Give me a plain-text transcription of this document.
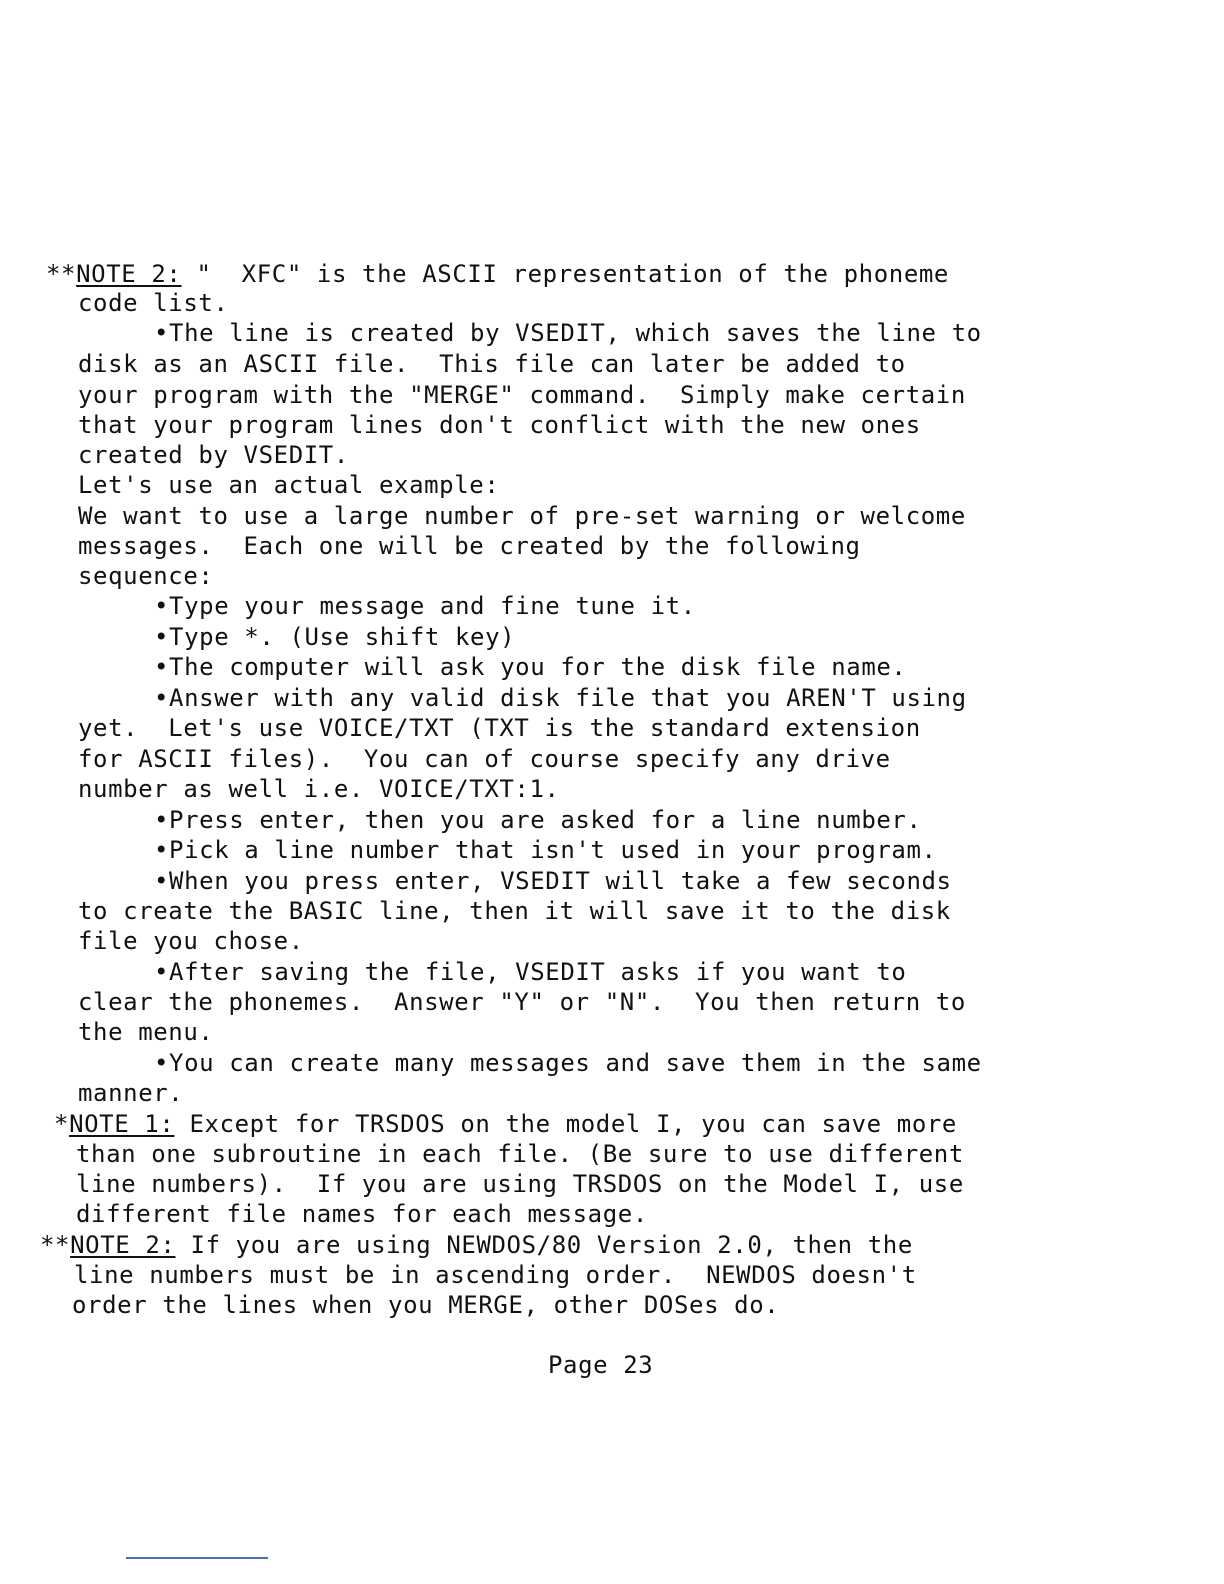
**NOTE 2: "  XFC" is the ASCII representation of the phoneme
code list.
•The line is created by VSEDIT, which saves the line to
disk as an ASCII file.  This file can later be added to
your program with the "MERGE" command.  Simply make certain
that your program lines don't conflict with the new ones
created by VSEDIT.
Let's use an actual example:
We want to use a large number of pre-set warning or welcome
messages.  Each one will be created by the following
sequence:
•Type your message and fine tune it.
•Type *. (Use shift key)
•The computer will ask you for the disk file name.
•Answer with any valid disk file that you AREN'T using
yet.  Let's use VOICE/TXT (TXT is the standard extension
for ASCII files).  You can of course specify any drive
number as well i.e. VOICE/TXT:1.
•Press enter, then you are asked for a line number.
•Pick a line number that isn't used in your program.
•When you press enter, VSEDIT will take a few seconds
to create the BASIC line, then it will save it to the disk
file you chose.
•After saving the file, VSEDIT asks if you want to
clear the phonemes.  Answer "Y" or "N".  You then return to
the menu.
•You can create many messages and save them in the same
manner.
*NOTE 1: Except for TRSDOS on the model I, you can save more
than one subroutine in each file. (Be sure to use different
line numbers).  If you are using TRSDOS on the Model I, use
different file names for each message.
**NOTE 2: If you are using NEWDOS/80 Version 2.0, then the
line numbers must be in ascending order.  NEWDOS doesn't
order the lines when you MERGE, other DOSes do.
Page 23
